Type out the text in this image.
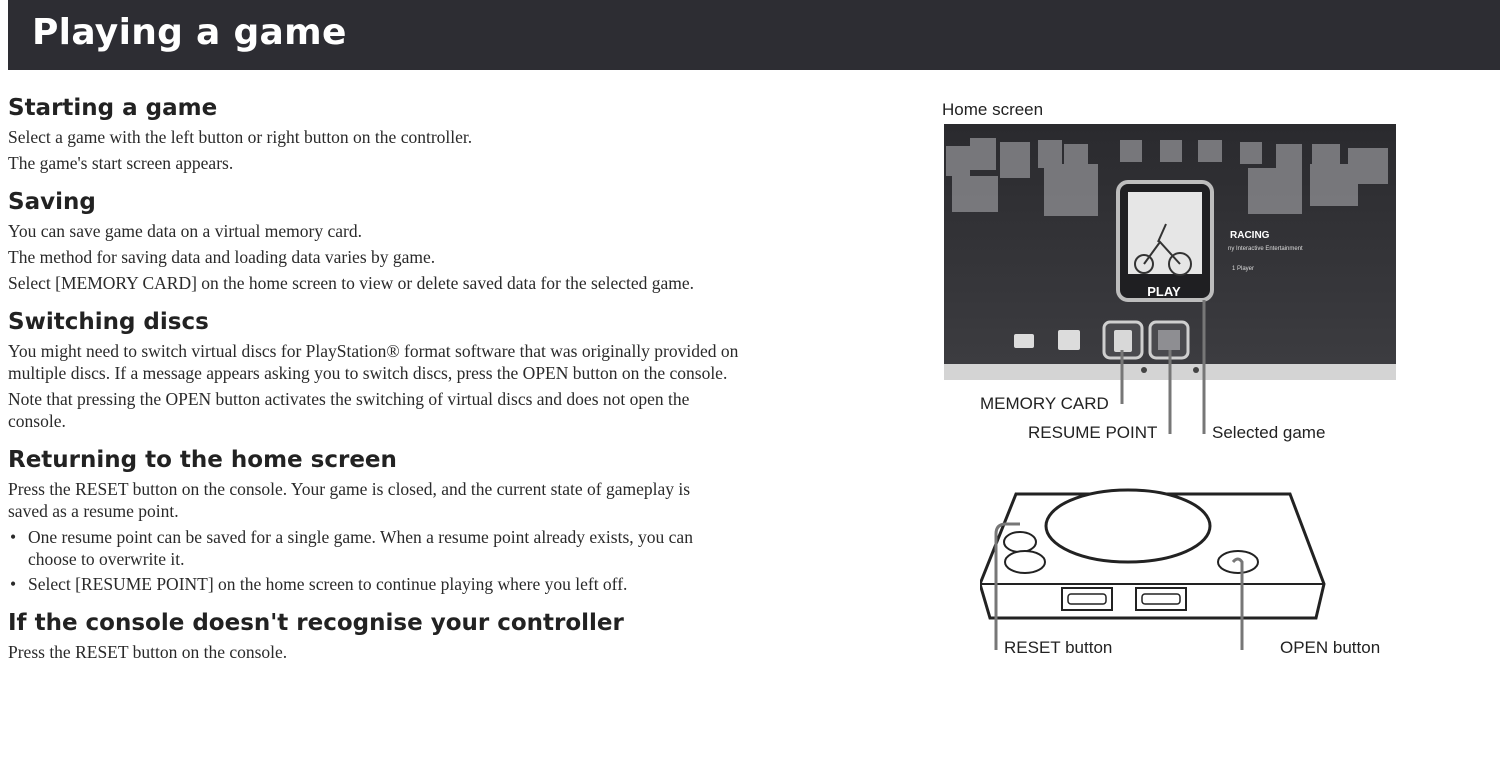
Playing a game
Starting a game

Select a game with the left button or right button on the controller.

The game's start screen appears.

Saving

You can save game data on a virtual memory card.

The method for saving data and loading data varies by game.

Select [MEMORY CARD] on the home screen to view or delete saved data for the selected game.

Switching discs

You might need to switch virtual discs for PlayStation® format software that was originally provided on multiple discs. If a message appears asking you to switch discs, press the OPEN button on the console.

Note that pressing the OPEN button activates the switching of virtual discs and does not open the console.

Returning to the home screen

Press the RESET button on the console. Your game is closed, and the current state of gameplay is saved as a resume point.

• One resume point can be saved for a single game. When a resume point already exists, you can choose to overwrite it.
• Select [RESUME POINT] on the home screen to continue playing where you left off.
If the console doesn't recognise your controller

Press the RESET button on the console.

Home screen
PLAY
RACING
ny Interactive Entertainment
1 Player
MEMORY CARD
RESUME POINT	Selected game
RESET button	OPEN button
